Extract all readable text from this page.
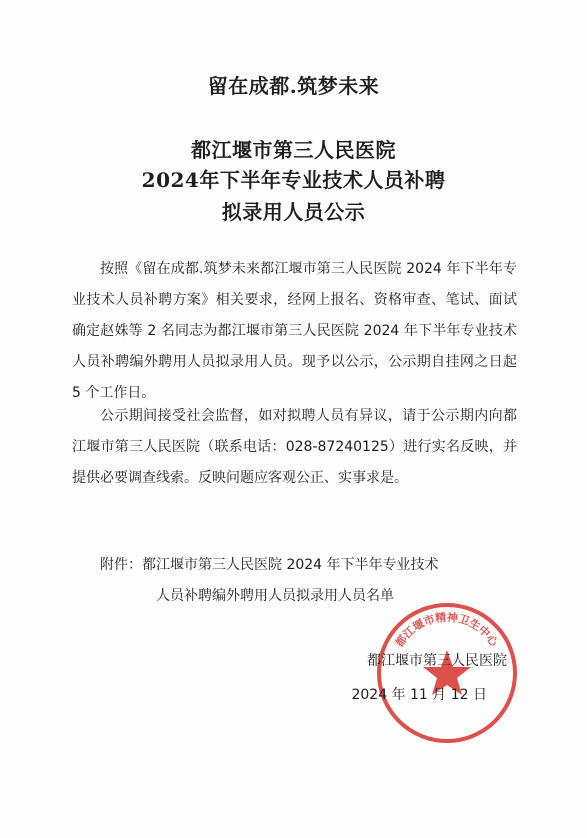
留在成都.筑梦未来
都江堰市第三人民医院
2024年下半年专业技术人员补聘
拟录用人员公示

按照《留在成都.筑梦未来都江堰市第三人民医院 2024 年下半年专业技术人员补聘方案》相关要求，经网上报名、资格审查、笔试、面试确定赵姝等 2 名同志为都江堰市第三人民医院 2024 年下半年专业技术人员补聘编外聘用人员拟录用人员。现予以公示，公示期自挂网之日起 5 个工作日。

公示期间接受社会监督，如对拟聘人员有异议，请于公示期内向都江堰市第三人民医院（联系电话：028-87240125）进行实名反映，并提供必要调查线索。反映问题应客观公正、实事求是。

附件：都江堰市第三人民医院 2024 年下半年专业技术
人员补聘编外聘用人员拟录用人员名单
都江堰市精神卫生中心
都江堰市第三人民医院
2024 年 11 月 12 日
